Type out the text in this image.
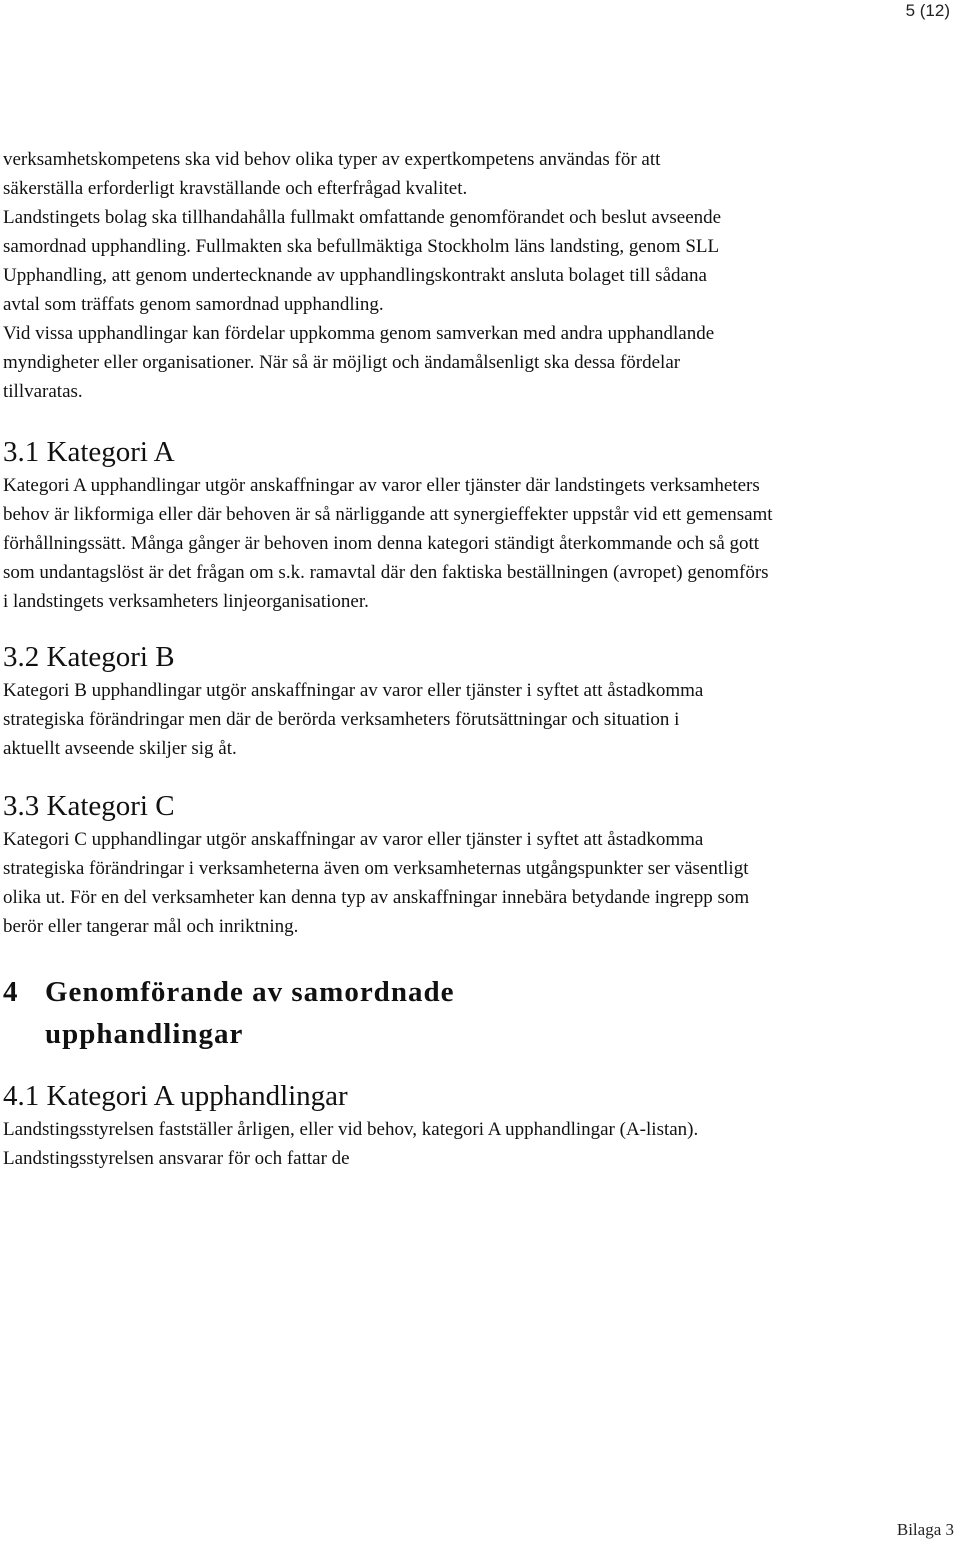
5 (12)

verksamhetskompetens ska vid behov olika typer av expertkompetens användas för att säkerställa erforderligt kravställande och efterfrågad kvalitet.

Landstingets bolag ska tillhandahålla fullmakt omfattande genomförandet och beslut avseende samordnad upphandling. Fullmakten ska befullmäktiga Stockholm läns landsting, genom SLL Upphandling, att genom undertecknande av upphandlingskontrakt ansluta bolaget till sådana avtal som träffats genom samordnad upphandling.

Vid vissa upphandlingar kan fördelar uppkomma genom samverkan med andra upphandlande myndigheter eller organisationer. När så är möjligt och ändamålsenligt ska dessa fördelar tillvaratas.

3.1 Kategori A

Kategori A upphandlingar utgör anskaffningar av varor eller tjänster där landstingets verksamheters behov är likformiga eller där behoven är så närliggande att synergieffekter uppstår vid ett gemensamt förhållningssätt. Många gånger är behoven inom denna kategori ständigt återkommande och så gott som undantagslöst är det frågan om s.k. ramavtal där den faktiska beställningen (avropet) genomförs i landstingets verksamheters linjeorganisationer.

3.2 Kategori B

Kategori B upphandlingar utgör anskaffningar av varor eller tjänster i syftet att åstadkomma strategiska förändringar men där de berörda verksamheters förutsättningar och situation i aktuellt avseende skiljer sig åt.

3.3 Kategori C

Kategori C upphandlingar utgör anskaffningar av varor eller tjänster i syftet att åstadkomma strategiska förändringar i verksamheterna även om verksamheternas utgångspunkter ser väsentligt olika ut. För en del verksamheter kan denna typ av anskaffningar innebära betydande ingrepp som berör eller tangerar mål och inriktning.

4 Genomförande av samordnade
upphandlingar
4.1 Kategori A upphandlingar

Landstingsstyrelsen fastställer årligen, eller vid behov, kategori A upphandlingar (A-listan). Landstingsstyrelsen ansvarar för och fattar de

Bilaga 3
